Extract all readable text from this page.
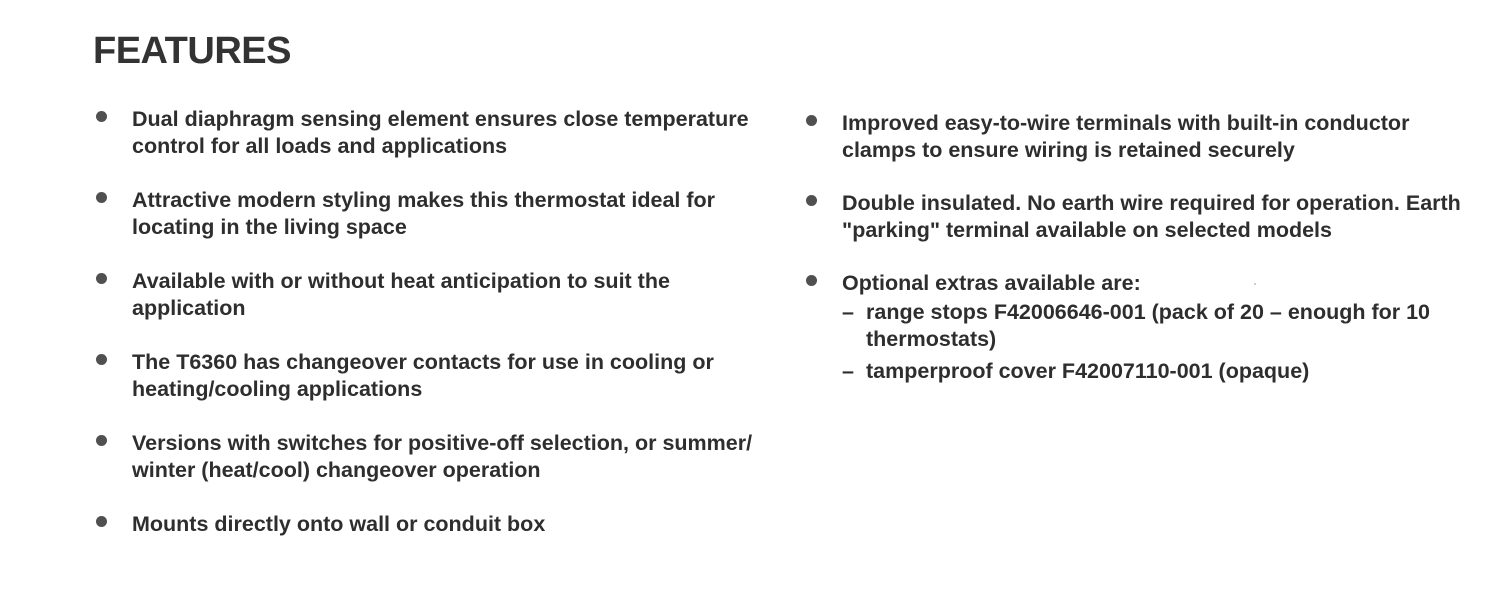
FEATURES
Dual diaphragm sensing element ensures close temperature control for all loads and applications
Attractive modern styling makes this thermostat ideal for locating in the living space
Available with or without heat anticipation to suit the application
The T6360 has changeover contacts for use in cooling or heating/cooling applications
Versions with switches for positive-off selection, or summer/ winter (heat/cool) changeover operation
Mounts directly onto wall or conduit box
Improved easy-to-wire terminals with built-in conductor clamps to ensure wiring is retained securely
Double insulated. No earth wire required for operation. Earth "parking" terminal available on selected models
Optional extras available are:
– range stops F42006646-001 (pack of 20 – enough for 10 thermostats)
– tamperproof cover F42007110-001 (opaque)
